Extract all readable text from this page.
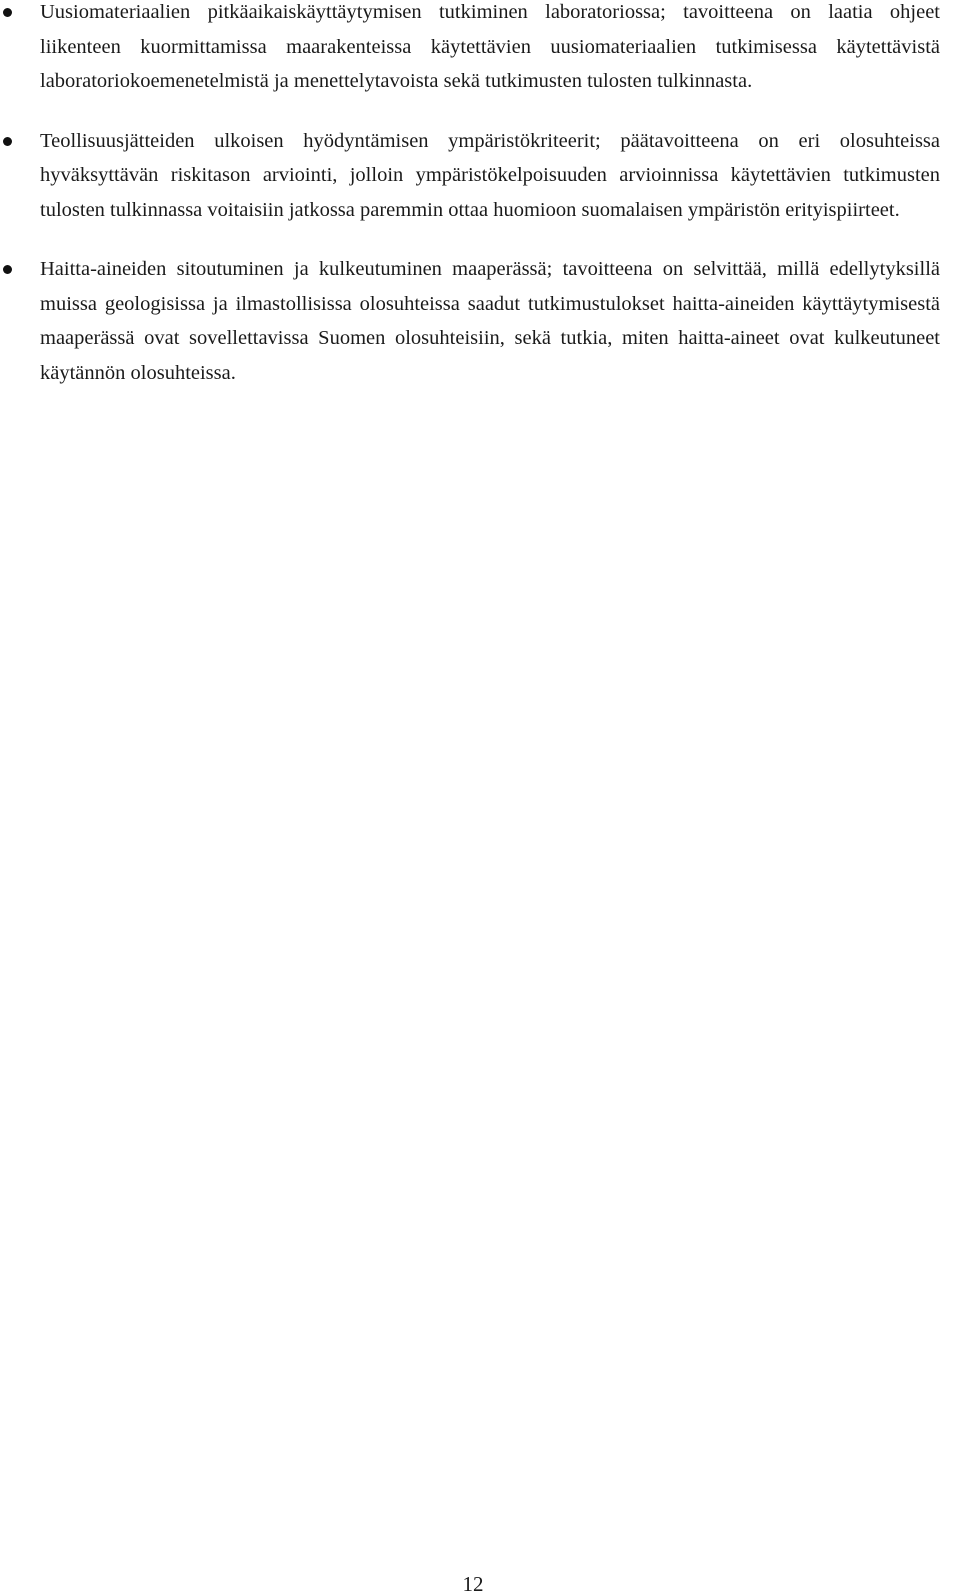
Uusiomateriaalien pitkäaikaiskäyttäytymisen tutkiminen laboratoriossa; tavoitteena on laatia ohjeet liikenteen kuormittamissa maarakenteissa käytettävien uusiomateriaalien tutkimisessa käytettävistä laboratoriokoemenetelmistä ja menettelytavoista sekä tutkimusten tulosten tulkinnasta.
Teollisuusjätteiden ulkoisen hyödyntämisen ympäristökriteerit; päätavoitteena on eri olosuhteissa hyväksyttävän riskitason arviointi, jolloin ympäristökelpoisuuden arvioinnissa käytettävien tutkimusten tulosten tulkinnassa voitaisiin jatkossa paremmin ottaa huomioon suomalaisen ympäristön erityispiirteet.
Haitta-aineiden sitoutuminen ja kulkeutuminen maaperässä; tavoitteena on selvittää, millä edellytyksillä muissa geologisissa ja ilmastollisissa olosuhteissa saadut tutkimustulokset haitta-aineiden käyttäytymisestä maaperässä ovat sovellettavissa Suomen olosuhteisiin, sekä tutkia, miten haitta-aineet ovat kulkeutuneet käytännön olosuhteissa.
12
